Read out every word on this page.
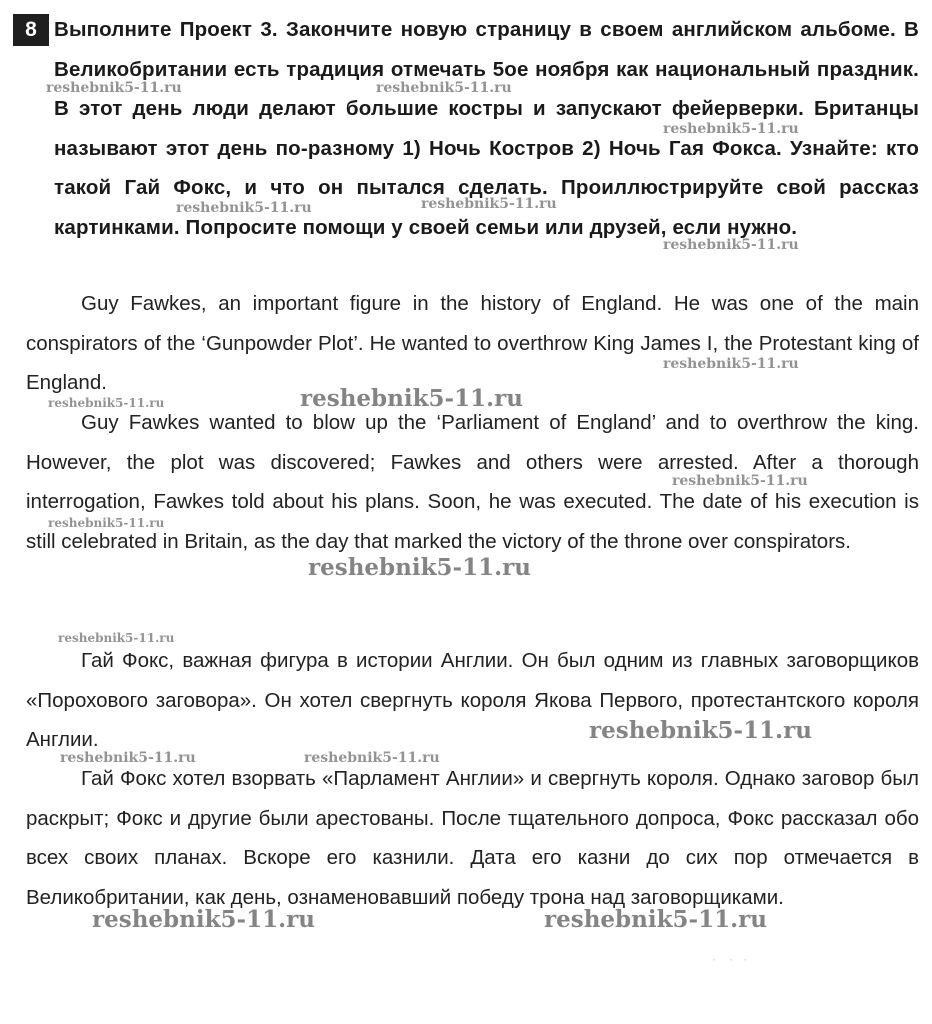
8 Выполните Проект 3. Закончите новую страницу в своем английском альбоме. В Великобритании есть традиция отмечать 5ое ноября как национальный праздник. В этот день люди делают большие костры и запускают фейерверки. Британцы называют этот день по-разному 1) Ночь Костров 2) Ночь Гая Фокса. Узнайте: кто такой Гай Фокс, и что он пытался сделать. Проиллюстрируйте свой рассказ картинками. Попросите помощи у своей семьи или друзей, если нужно.

Guy Fawkes, an important figure in the history of England. He was one of the main conspirators of the ‘Gunpowder Plot’. He wanted to overthrow King James I, the Protestant king of England.

Guy Fawkes wanted to blow up the ‘Parliament of England’ and to overthrow the king. However, the plot was discovered; Fawkes and others were arrested. After a thorough interrogation, Fawkes told about his plans. Soon, he was executed. The date of his execution is still celebrated in Britain, as the day that marked the victory of the throne over conspirators.

Гай Фокс, важная фигура в истории Англии. Он был одним из главных заговорщиков «Порохового заговора». Он хотел свергнуть короля Якова Первого, протестантского короля Англии.

Гай Фокс хотел взорвать «Парламент Англии» и свергнуть короля. Однако заговор был раскрыт; Фокс и другие были арестованы. После тщательного допроса, Фокс рассказал обо всех своих планах. Вскоре его казнили. Дата его казни до сих пор отмечается в Великобритании, как день, ознаменовавший победу трона над заговорщиками.

reshebnik5-11.ru	reshebnik5-11.ru
reshebnik5-11.ru
reshebnik5-11.ru	reshebnik5-11.ru
reshebnik5-11.ru
reshebnik5-11.ru
reshebnik5-11.ru	reshebnik5-11.ru
reshebnik5-11.ru
reshebnik5-11.ru
reshebnik5-11.ru
reshebnik5-11.ru
reshebnik5-11.ru
reshebnik5-11.ru	reshebnik5-11.ru
reshebnik5-11.ru	reshebnik5-11.ru
·    ·   ·
